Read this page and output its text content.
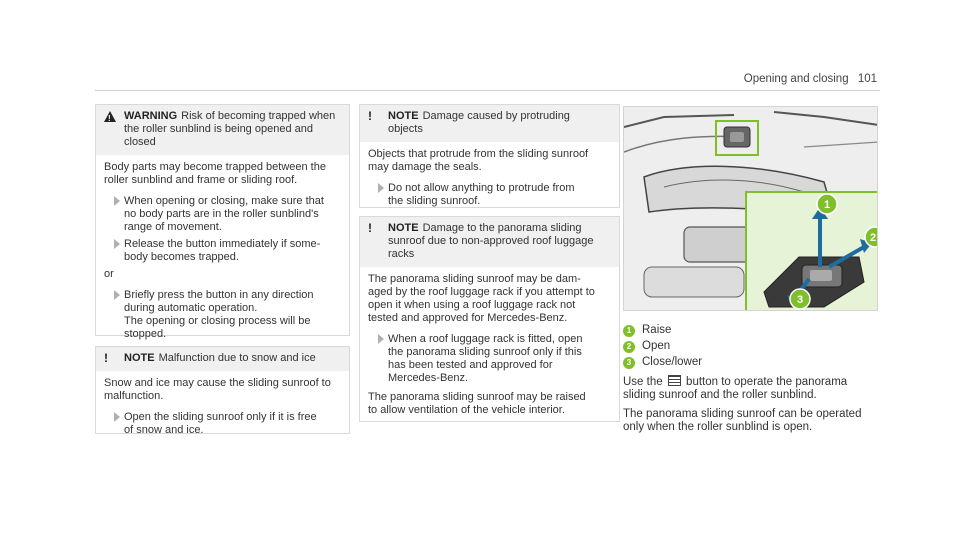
Opening and closing 101
!
WARNING Risk of becoming trapped when
the roller sunblind is being opened and
closed

Body parts may become trapped between the
roller sunblind and frame or sliding roof.

When opening or closing, make sure that
no body parts are in the roller sunblind's
range of movement.
Release the button immediately if some-
body becomes trapped.

or

Briefly press the button in any direction
during automatic operation.
The opening or closing process will be
stopped.
!	NOTE Malfunction due to snow and ice

Snow and ice may cause the sliding sunroof to
malfunction.

Open the sliding sunroof only if it is free
of snow and ice.
!	NOTE Damage caused by protruding
objects

Objects that protrude from the sliding sunroof
may damage the seals.

Do not allow anything to protrude from
the sliding sunroof.
!	NOTE Damage to the panorama sliding
sunroof due to non-approved roof luggage
racks

The panorama sliding sunroof may be dam-
aged by the roof luggage rack if you attempt to
open it when using a roof luggage rack not
tested and approved for Mercedes-Benz.

When a roof luggage rack is fitted, open
the panorama sliding sunroof only if this
has been tested and approved for
Mercedes-Benz.

The panorama sliding sunroof may be raised
to allow ventilation of the vehicle interior.

1
2
3
1 Raise
2 Open
3 Close/lower

Use the button to operate the panorama
sliding sunroof and the roller sunblind.

The panorama sliding sunroof can be operated
only when the roller sunblind is open.
